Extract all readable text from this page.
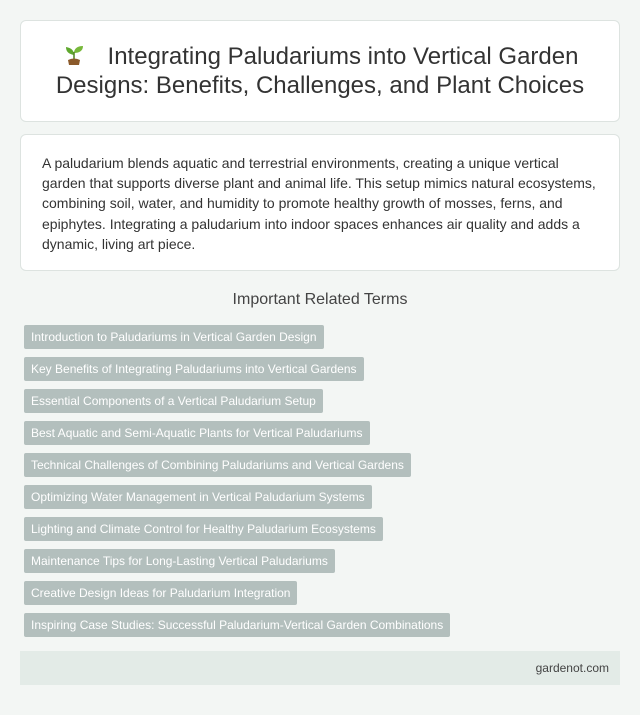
Integrating Paludariums into Vertical Garden Designs: Benefits, Challenges, and Plant Choices

A paludarium blends aquatic and terrestrial environments, creating a unique vertical garden that supports diverse plant and animal life. This setup mimics natural ecosystems, combining soil, water, and humidity to promote healthy growth of mosses, ferns, and epiphytes. Integrating a paludarium into indoor spaces enhances air quality and adds a dynamic, living art piece.

Important Related Terms
Introduction to Paludariums in Vertical Garden Design
Key Benefits of Integrating Paludariums into Vertical Gardens
Essential Components of a Vertical Paludarium Setup
Best Aquatic and Semi-Aquatic Plants for Vertical Paludariums
Technical Challenges of Combining Paludariums and Vertical Gardens
Optimizing Water Management in Vertical Paludarium Systems
Lighting and Climate Control for Healthy Paludarium Ecosystems
Maintenance Tips for Long-Lasting Vertical Paludariums
Creative Design Ideas for Paludarium Integration
Inspiring Case Studies: Successful Paludarium-Vertical Garden Combinations
gardenot.com
